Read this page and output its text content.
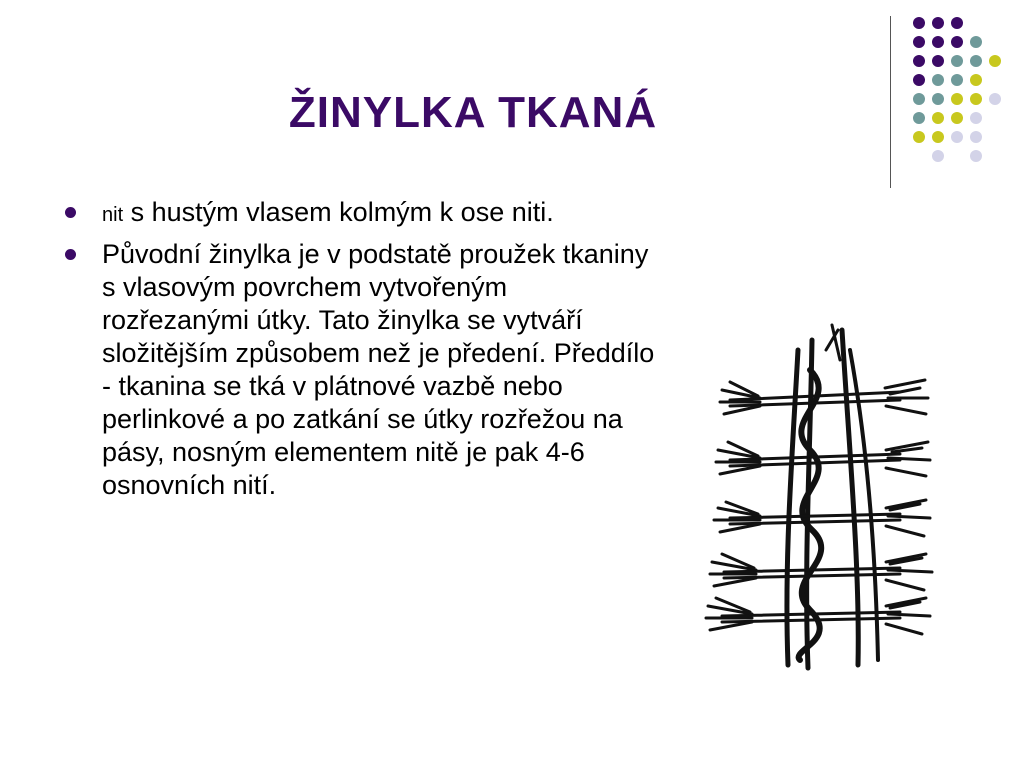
ŽINYLKA TKANÁ
nit s hustým vlasem kolmým k ose niti.
Původní žinylka je v podstatě proužek tkaniny s vlasovým povrchem vytvořeným rozřezanými útky. Tato žinylka se vytváří složitějším způsobem než je předení. Předdílo - tkanina se tká v plátnové vazbě nebo perlinkové a po zatkání se útky rozřežou na pásy, nosným elementem nitě je pak 4-6 osnovních nití.
